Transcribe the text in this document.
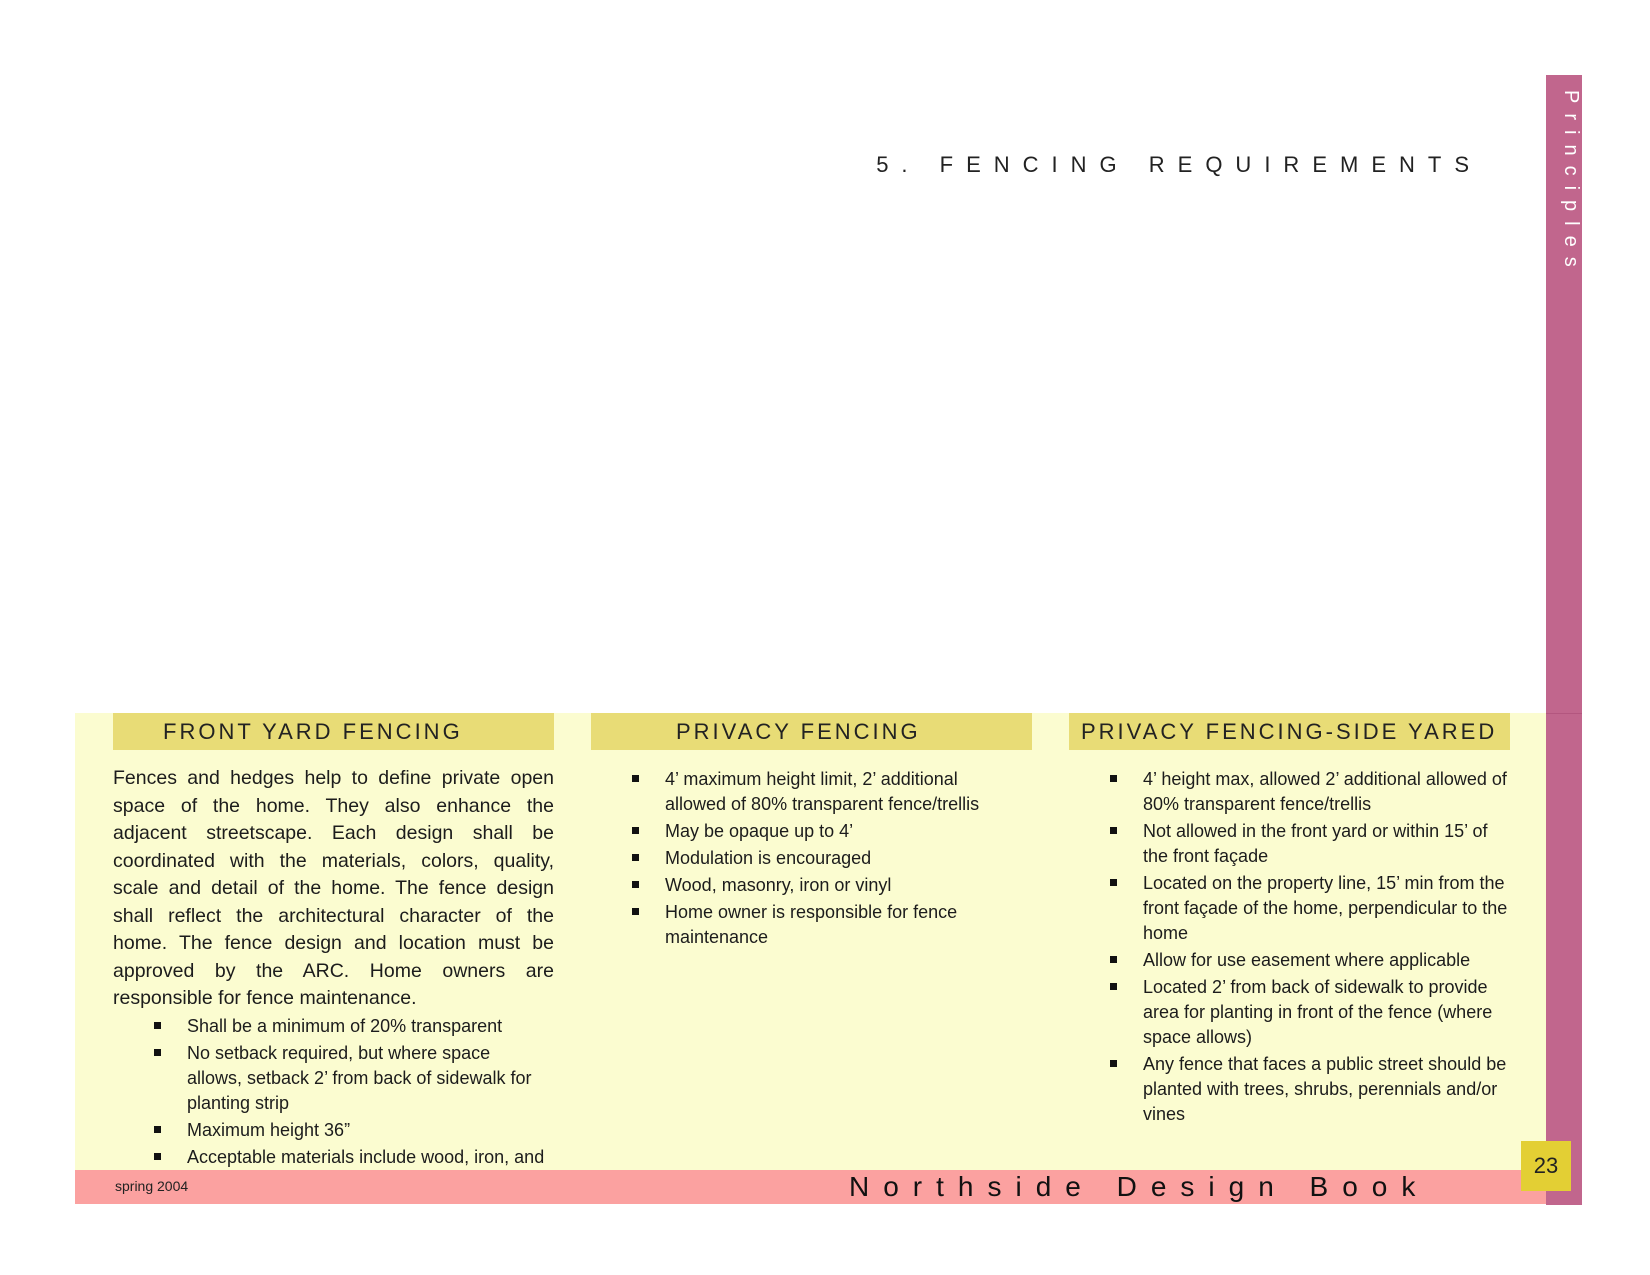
Principles
5. FENCING REQUIREMENTS
FRONT YARD FENCING
Fences and hedges help to define private open space of the home. They also enhance the adjacent streetscape. Each design shall be coordinated with the materials, colors, quality, scale and detail of the home. The fence design shall reflect the architectural character of the home. The fence design and location must be approved by the ARC. Home owners are responsible for fence maintenance.
Shall be a minimum of 20% transparent
No setback required, but where space allows, setback 2’ from back of sidewalk for planting strip
Maximum height 36”
Acceptable materials include wood, iron, and
PRIVACY FENCING
4’ maximum height limit, 2’ additional allowed of 80% transparent fence/trellis
May be opaque up to 4’
Modulation is encouraged
Wood, masonry, iron or vinyl
Home owner is responsible for fence maintenance
PRIVACY FENCING-SIDE YARED
4’ height max, allowed 2’ additional allowed of 80% transparent fence/trellis
Not allowed in the front yard or within 15’ of the front façade
Located on the property line, 15’ min from the front façade of the home, perpendicular to the home
Allow for use easement where applicable
Located 2’ from back of sidewalk to provide area for planting in front of the fence (where space allows)
Any fence that faces a public street should be planted with trees, shrubs, perennials and/or vines
spring 2004	Northside Design Book
23
